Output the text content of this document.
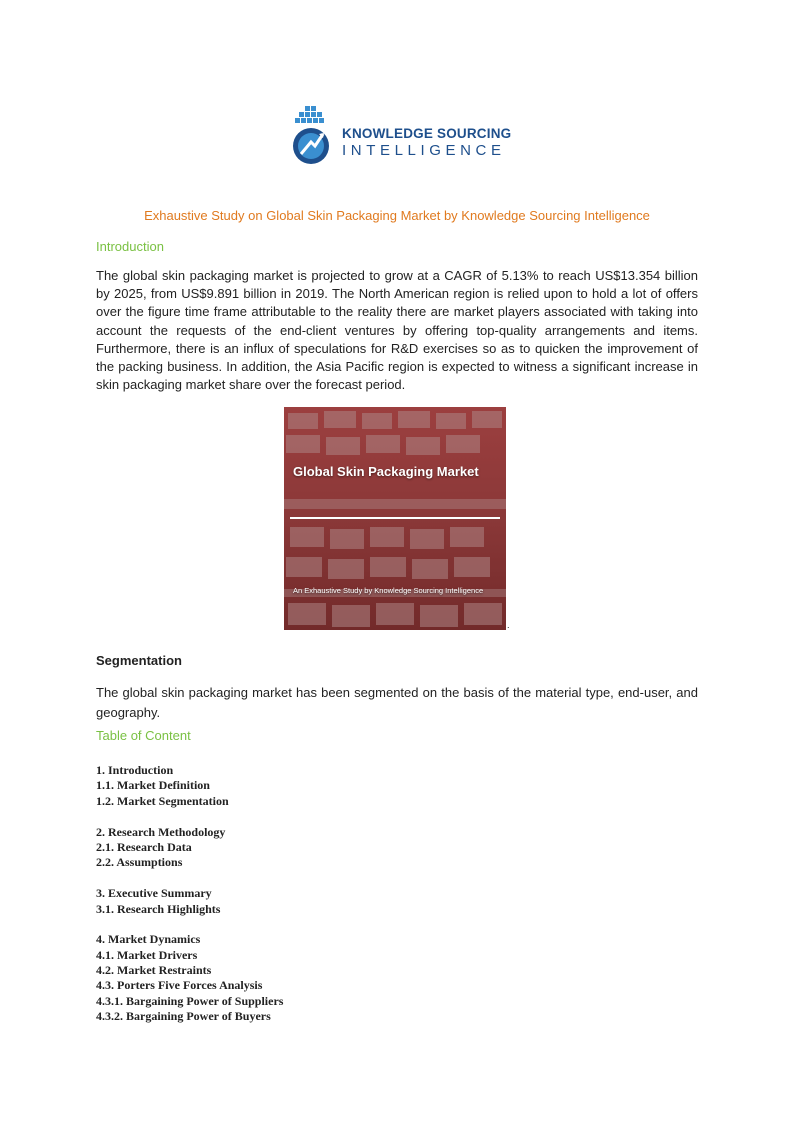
KNOWLEDGE SOURCING
INTELLIGENCE
Exhaustive Study on Global Skin Packaging Market by Knowledge Sourcing Intelligence
Introduction

The global skin packaging market is projected to grow at a CAGR of 5.13% to reach US$13.354 billion by 2025, from US$9.891 billion in 2019. The North American region is relied upon to hold a lot of offers over the figure time frame attributable to the reality there are market players associated with taking into account the requests of the end-client ventures by offering top-quality arrangements and items. Furthermore, there is an influx of speculations for R&D exercises so as to quicken the improvement of the packing business. In addition, the Asia Pacific region is expected to witness a significant increase in skin packaging market share over the forecast period.

Global Skin Packaging Market
An Exhaustive Study by Knowledge Sourcing Intelligence
.
Segmentation

The global skin packaging market has been segmented on the basis of the material type, end-user, and geography.

Table of Content
1. Introduction
1.1. Market Definition
1.2. Market Segmentation
2. Research Methodology
2.1. Research Data
2.2. Assumptions
3. Executive Summary
3.1. Research Highlights
4. Market Dynamics
4.1. Market Drivers
4.2. Market Restraints
4.3. Porters Five Forces Analysis
4.3.1. Bargaining Power of Suppliers
4.3.2. Bargaining Power of Buyers
